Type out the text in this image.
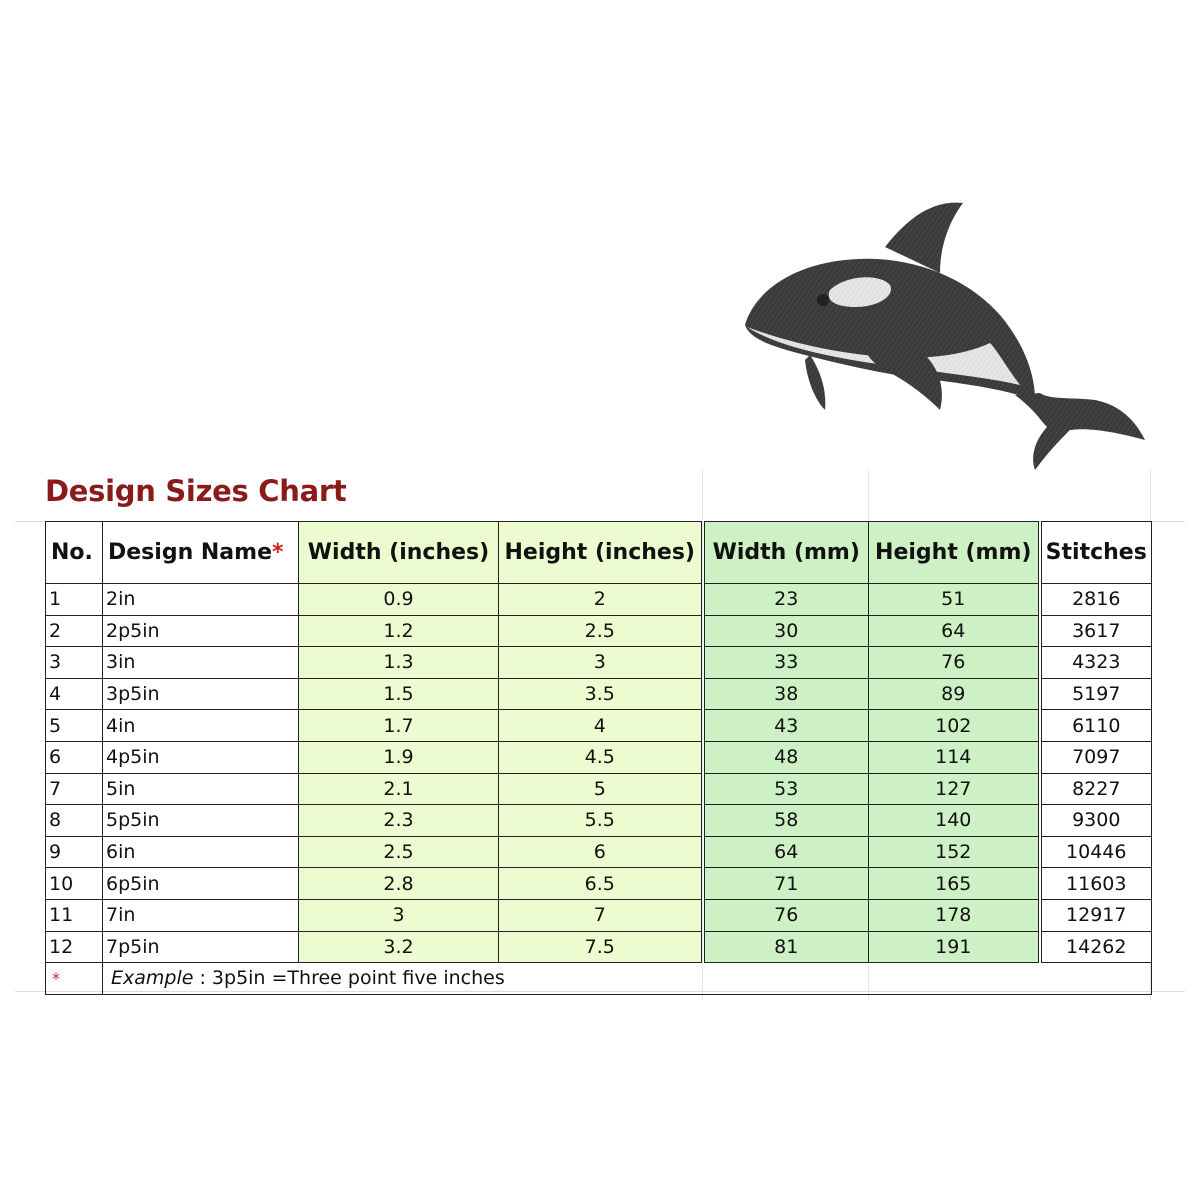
Design Sizes Chart
No.	Design Name*	Width (inches)	Height (inches)	Width (mm)	Height (mm)	Stitches
1	2in	0.9	2	23	51	2816
2	2p5in	1.2	2.5	30	64	3617
3	3in	1.3	3	33	76	4323
4	3p5in	1.5	3.5	38	89	5197
5	4in	1.7	4	43	102	6110
6	4p5in	1.9	4.5	48	114	7097
7	5in	2.1	5	53	127	8227
8	5p5in	2.3	5.5	58	140	9300
9	6in	2.5	6	64	152	10446
10	6p5in	2.8	6.5	71	165	11603
11	7in	3	7	76	178	12917
12	7p5in	3.2	7.5	81	191	14262
*	Example : 3p5in =Three point five inches					
